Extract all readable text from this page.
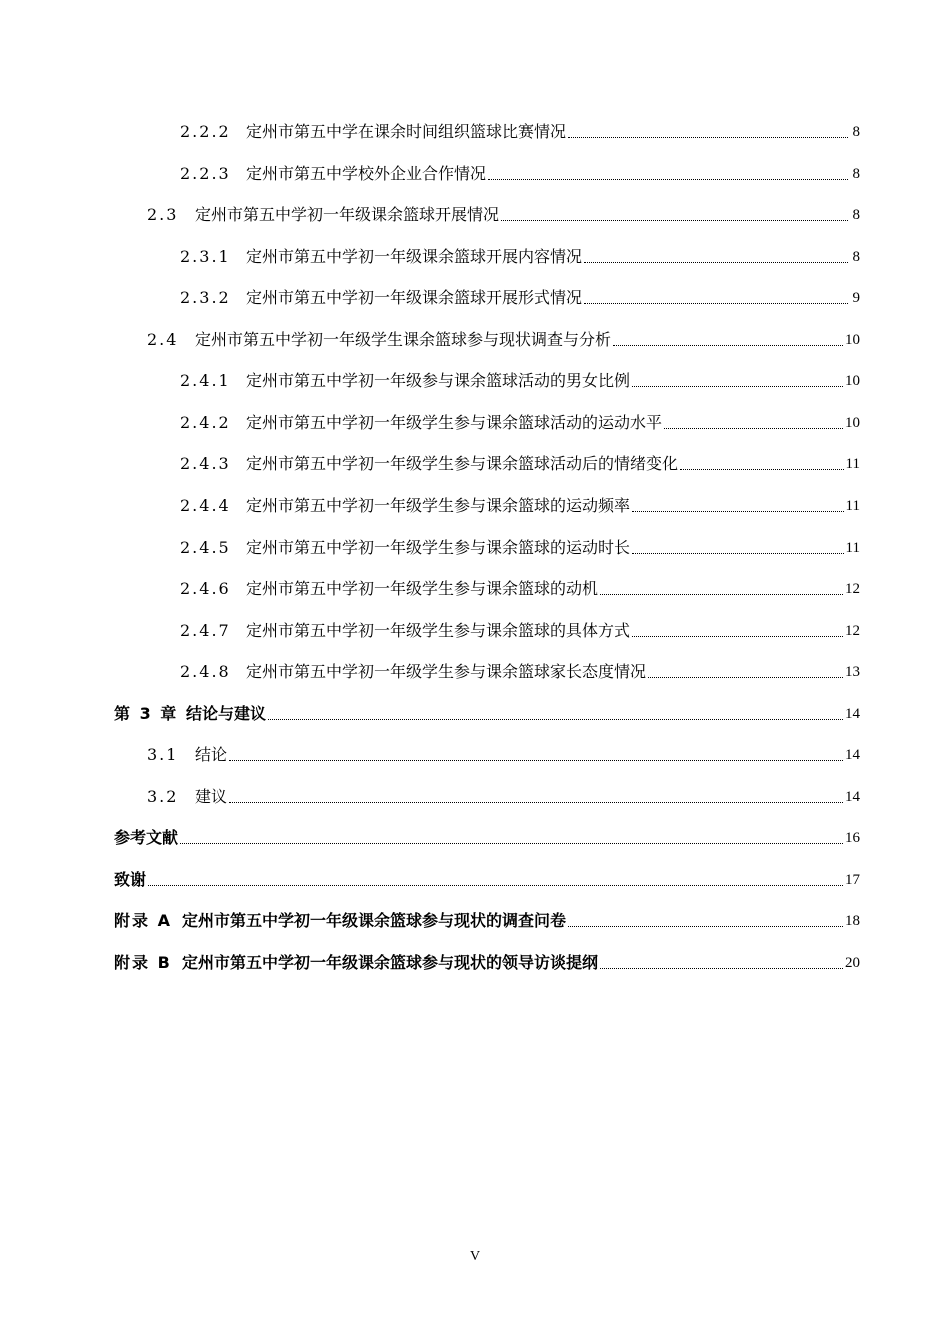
2.2.2 定州市第五中学在课余时间组织篮球比赛情况	8
2.2.3 定州市第五中学校外企业合作情况	8
2.3	定州市第五中学初一年级课余篮球开展情况	8
2.3.1 定州市第五中学初一年级课余篮球开展内容情况	8
2.3.2 定州市第五中学初一年级课余篮球开展形式情况	9
2.4	定州市第五中学初一年级学生课余篮球参与现状调查与分析	10
2.4.1 定州市第五中学初一年级参与课余篮球活动的男女比例	10
2.4.2 定州市第五中学初一年级学生参与课余篮球活动的运动水平	10
2.4.3 定州市第五中学初一年级学生参与课余篮球活动后的情绪变化	11
2.4.4 定州市第五中学初一年级学生参与课余篮球的运动频率	11
2.4.5 定州市第五中学初一年级学生参与课余篮球的运动时长	11
2.4.6 定州市第五中学初一年级学生参与课余篮球的动机	12
2.4.7 定州市第五中学初一年级学生参与课余篮球的具体方式	12
2.4.8 定州市第五中学初一年级学生参与课余篮球家长态度情况	13
第 3 章 结论与建议	14
3.1	结论	14
3.2	建议	14
参考文献	16
致谢	17
附录 A 定州市第五中学初一年级课余篮球参与现状的调查问卷	18
附录 B 定州市第五中学初一年级课余篮球参与现状的领导访谈提纲	20
V
